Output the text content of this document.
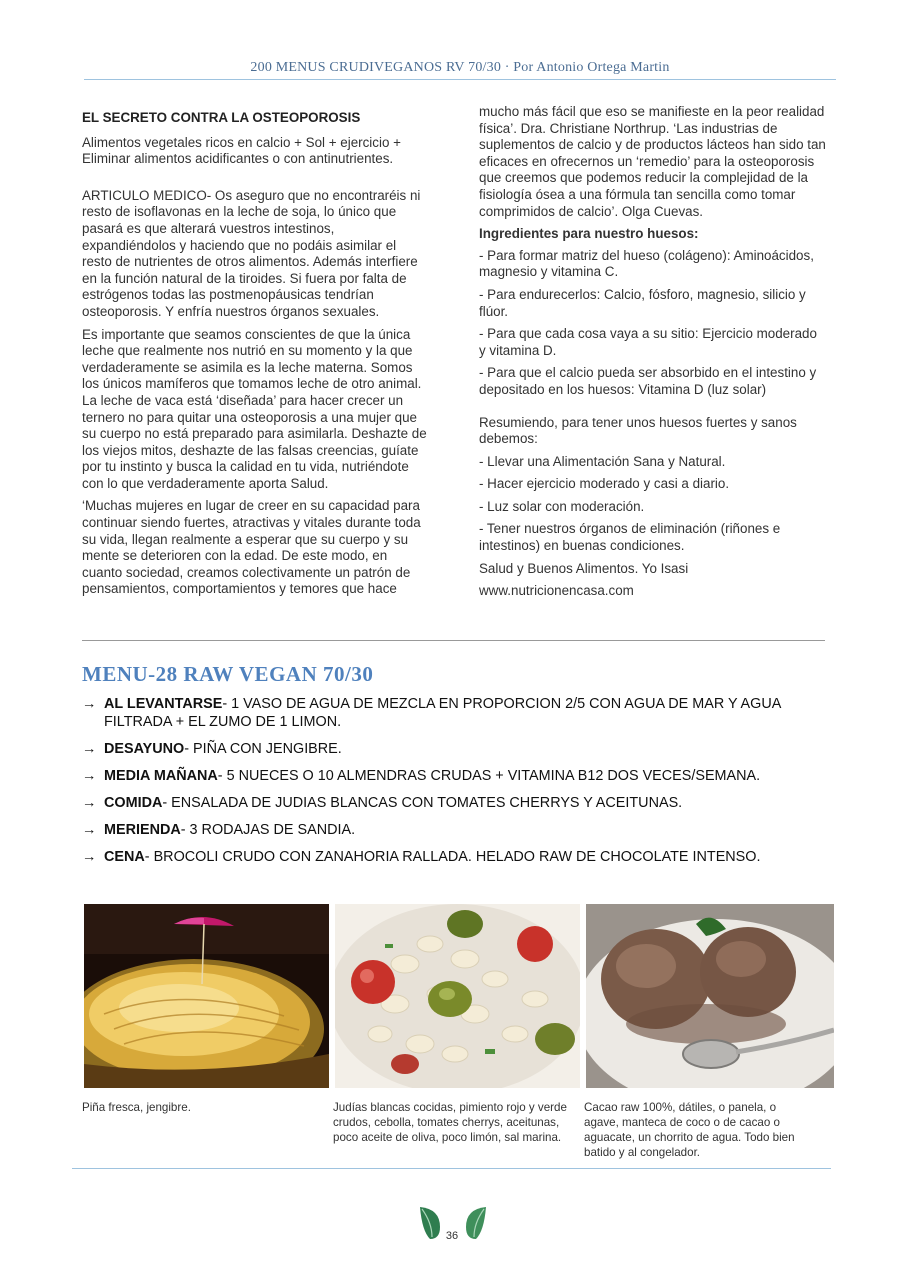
200 MENUS CRUDIVEGANOS RV 70/30 · Por Antonio Ortega Martin
EL SECRETO CONTRA LA OSTEOPOROSIS

Alimentos vegetales ricos en calcio + Sol + ejercicio + Eliminar alimentos acidificantes o con antinutrientes.

ARTICULO MEDICO- Os aseguro que no encontraréis ni resto de isoflavonas en la leche de soja, lo único que pasará es que alterará vuestros intestinos, expandiéndolos y haciendo que no podáis asimilar el resto de nutrientes de otros alimentos. Además interfiere en la función natural de la tiroides. Si fuera por falta de estrógenos todas las postmenopáusicas tendrían osteoporosis. Y enfría nuestros órganos sexuales.

Es importante que seamos conscientes de que la única leche que realmente nos nutrió en su momento y la que verdaderamente se asimila es la leche materna. Somos los únicos mamíferos que tomamos leche de otro animal. La leche de vaca está ‘diseñada’ para hacer crecer un ternero no para quitar una osteoporosis a una mujer que su cuerpo no está preparado para asimilarla. Deshazte de los viejos mitos, deshazte de las falsas creencias, guíate por tu instinto y busca la calidad en tu vida, nutriéndote con lo que verdaderamente aporta Salud.

‘Muchas mujeres en lugar de creer en su capacidad para continuar siendo fuertes, atractivas y vitales durante toda su vida, llegan realmente a esperar que su cuerpo y su mente se deterioren con la edad. De este modo, en cuanto sociedad, creamos colectivamente un patrón de pensamientos, comportamientos y temores que hace

mucho más fácil que eso se manifieste en la peor realidad física’. Dra. Christiane Northrup. ‘Las industrias de suplementos de calcio y de productos lácteos han sido tan eficaces en ofrecernos un ‘remedio’ para la osteoporosis que creemos que podemos reducir la complejidad de la fisiología ósea a una fórmula tan sencilla como tomar comprimidos de calcio’. Olga Cuevas.

Ingredientes para nuestro huesos:

- Para formar matriz del hueso (colágeno): Aminoácidos, magnesio y vitamina C.

- Para endurecerlos: Calcio, fósforo, magnesio, silicio y flúor.

- Para que cada cosa vaya a su sitio: Ejercicio moderado y vitamina D.

- Para que el calcio pueda ser absorbido en el intestino y depositado en los huesos: Vitamina D (luz solar)

Resumiendo, para tener unos huesos fuertes y sanos debemos:

- Llevar una Alimentación Sana y Natural.

- Hacer ejercicio moderado y casi a diario.

- Luz solar con moderación.

- Tener nuestros órganos de eliminación (riñones e intestinos) en buenas condiciones.

Salud y Buenos Alimentos. Yo Isasi

www.nutricionencasa.com

MENU-28 RAW VEGAN 70/30
→ AL LEVANTARSE- 1 VASO DE AGUA DE MEZCLA EN PROPORCION 2/5 CON AGUA DE MAR Y AGUA FILTRADA + EL ZUMO DE 1 LIMON.
→ DESAYUNO- PIÑA CON JENGIBRE.
→ MEDIA MAÑANA- 5 NUECES O 10 ALMENDRAS CRUDAS + VITAMINA B12 DOS VECES/SEMANA.
→ COMIDA- ENSALADA DE JUDIAS BLANCAS CON TOMATES CHERRYS Y ACEITUNAS.
→ MERIENDA- 3 RODAJAS DE SANDIA.
→ CENA- BROCOLI CRUDO CON ZANAHORIA RALLADA. HELADO RAW DE CHOCOLATE INTENSO.
Piña fresca, jengibre.	Judías blancas cocidas, pimiento rojo y verde crudos, cebolla, tomates cherrys, aceitunas, poco aceite de oliva, poco limón, sal marina.
Cacao raw 100%, dátiles, o panela, o agave, manteca de coco o de cacao o aguacate, un chorrito de agua. Todo bien batido y al congelador.
36
